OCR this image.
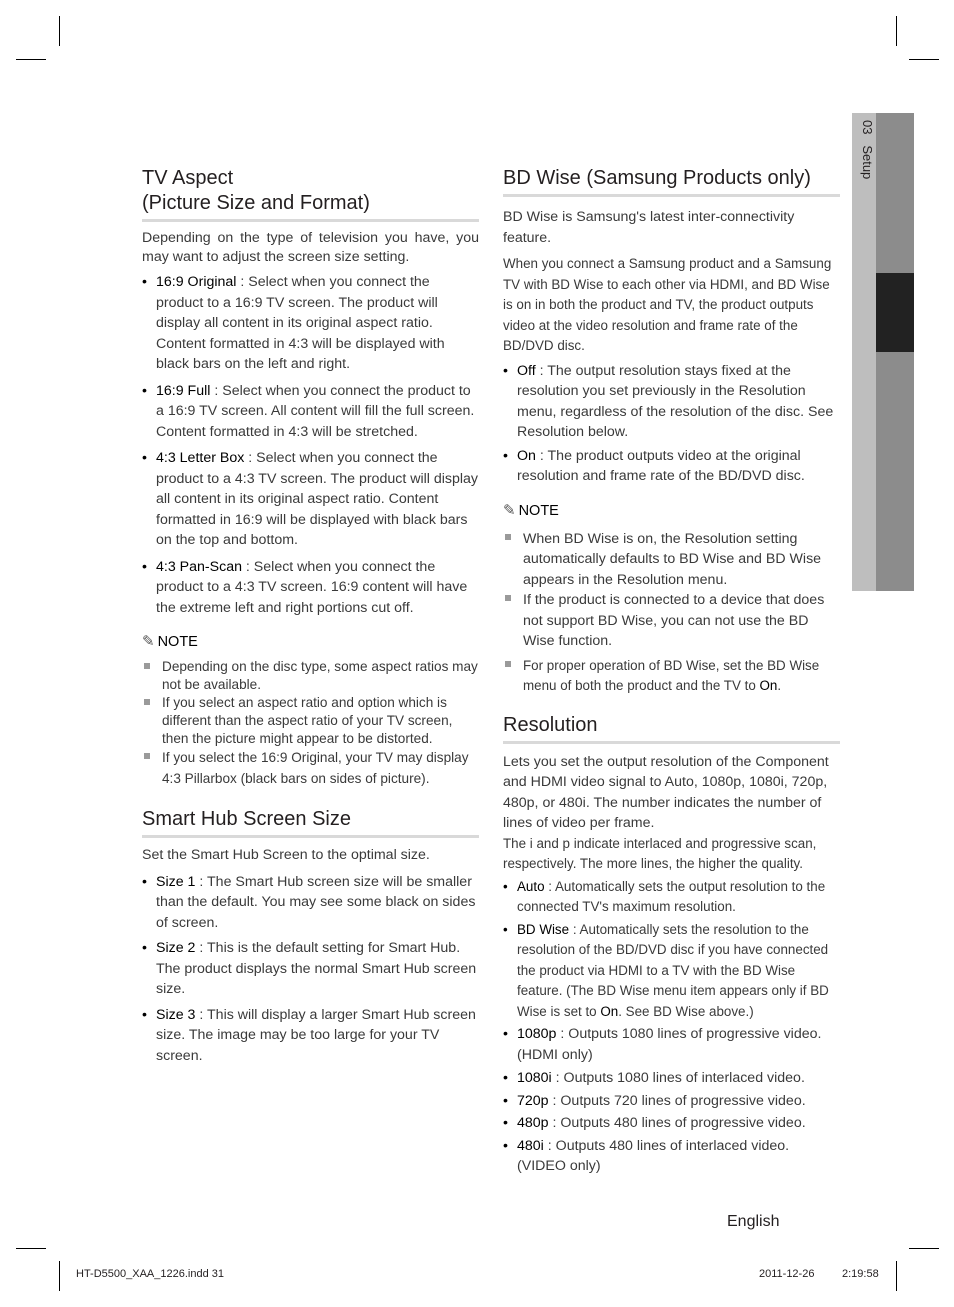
03   Setup
TV Aspect
(Picture Size and Format)

Depending on the type of television you have, you may want to adjust the screen size setting.

• 16:9 Original : Select when you connect the product to a 16:9 TV screen. The product will display all content in its original aspect ratio. Content formatted in 4:3 will be displayed with black bars on the left and right.
• 16:9 Full : Select when you connect the product to a 16:9 TV screen. All content will fill the full screen. Content formatted in 4:3 will be stretched.
• 4:3 Letter Box : Select when you connect the product to a 4:3 TV screen. The product will display all content in its original aspect ratio. Content formatted in 16:9 will be displayed with black bars on the top and bottom.
• 4:3 Pan-Scan : Select when you connect the product to a 4:3 TV screen. 16:9 content will have the extreme left and right portions cut off.
✎ NOTE
Depending on the disc type, some aspect ratios may not be available.
If you select an aspect ratio and option which is different than the aspect ratio of your TV screen, then the picture might appear to be distorted.
If you select the 16:9 Original, your TV may display 4:3 Pillarbox (black bars on sides of picture).
Smart Hub Screen Size

Set the Smart Hub Screen to the optimal size.

• Size 1 : The Smart Hub screen size will be smaller than the default. You may see some black on sides of screen.
• Size 2 : This is the default setting for Smart Hub. The product displays the normal Smart Hub screen size.
• Size 3 : This will display a larger Smart Hub screen size. The image may be too large for your TV screen.
BD Wise (Samsung Products only)

BD Wise is Samsung's latest inter-connectivity feature.

When you connect a Samsung product and a Samsung TV with BD Wise to each other via HDMI, and BD Wise is on in both the product and TV, the product outputs video at the video resolution and frame rate of the BD/DVD disc.

• Off : The output resolution stays fixed at the resolution you set previously in the Resolution menu, regardless of the resolution of the disc. See Resolution below.
• On : The product outputs video at the original resolution and frame rate of the BD/DVD disc.
✎ NOTE
When BD Wise is on, the Resolution setting automatically defaults to BD Wise and BD Wise appears in the Resolution menu.
If the product is connected to a device that does not support BD Wise, you can not use the BD Wise function.
For proper operation of BD Wise, set the BD Wise menu of both the product and the TV to On.
Resolution

Lets you set the output resolution of the Component and HDMI video signal to Auto, 1080p, 1080i, 720p, 480p, or 480i. The number indicates the number of lines of video per frame.

The i and p indicate interlaced and progressive scan, respectively. The more lines, the higher the quality.

• Auto : Automatically sets the output resolution to the connected TV's maximum resolution.
• BD Wise : Automatically sets the resolution to the resolution of the BD/DVD disc if you have connected the product via HDMI to a TV with the BD Wise feature. (The BD Wise menu item appears only if BD Wise is set to On. See BD Wise above.)
• 1080p : Outputs 1080 lines of progressive video. (HDMI only)
• 1080i : Outputs 1080 lines of interlaced video.
• 720p : Outputs 720 lines of progressive video.
• 480p : Outputs 480 lines of progressive video.
• 480i : Outputs 480 lines of interlaced video. (VIDEO only)
English
HT-D5500_XAA_1226.indd 31	2011-12-26	2:19:58
